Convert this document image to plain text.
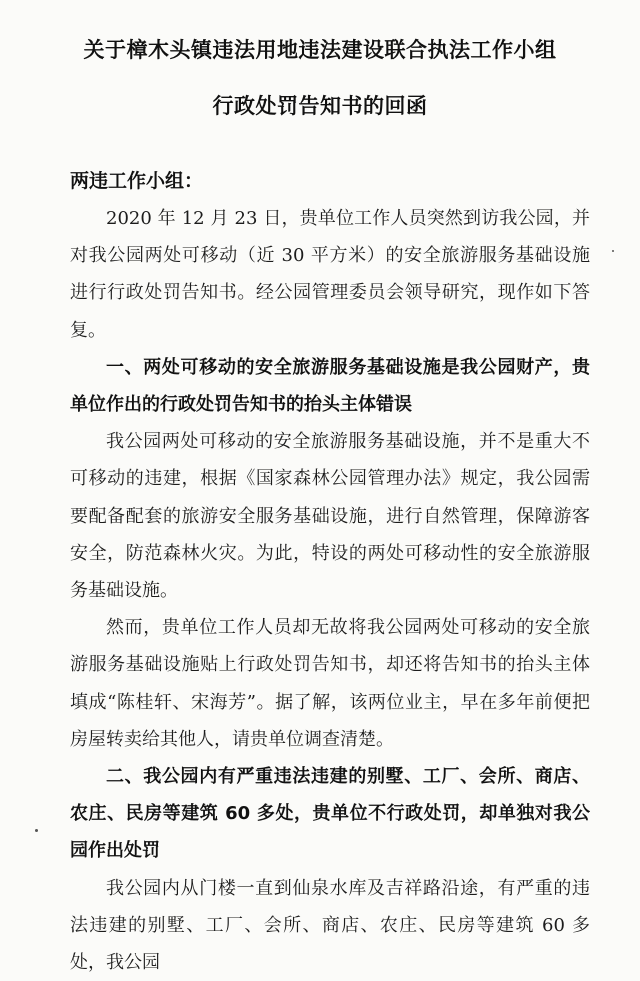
关于樟木头镇违法用地违法建设联合执法工作小组
行政处罚告知书的回函
两违工作小组：

2020 年 12 月 23 日，贵单位工作人员突然到访我公园，并对我公园两处可移动（近 30 平方米）的安全旅游服务基础设施进行行政处罚告知书。经公园管理委员会领导研究，现作如下答复。

一、两处可移动的安全旅游服务基础设施是我公园财产，贵单位作出的行政处罚告知书的抬头主体错误

我公园两处可移动的安全旅游服务基础设施，并不是重大不可移动的违建，根据《国家森林公园管理办法》规定，我公园需要配备配套的旅游安全服务基础设施，进行自然管理，保障游客安全，防范森林火灾。为此，特设的两处可移动性的安全旅游服务基础设施。

然而，贵单位工作人员却无故将我公园两处可移动的安全旅游服务基础设施贴上行政处罚告知书，却还将告知书的抬头主体填成“陈桂轩、宋海芳”。据了解，该两位业主，早在多年前便把房屋转卖给其他人，请贵单位调查清楚。

二、我公园内有严重违法违建的别墅、工厂、会所、商店、农庄、民房等建筑 60 多处，贵单位不行政处罚，却单独对我公园作出处罚

我公园内从门楼一直到仙泉水库及吉祥路沿途，有严重的违法违建的别墅、工厂、会所、商店、农庄、民房等建筑 60 多处，我公园
